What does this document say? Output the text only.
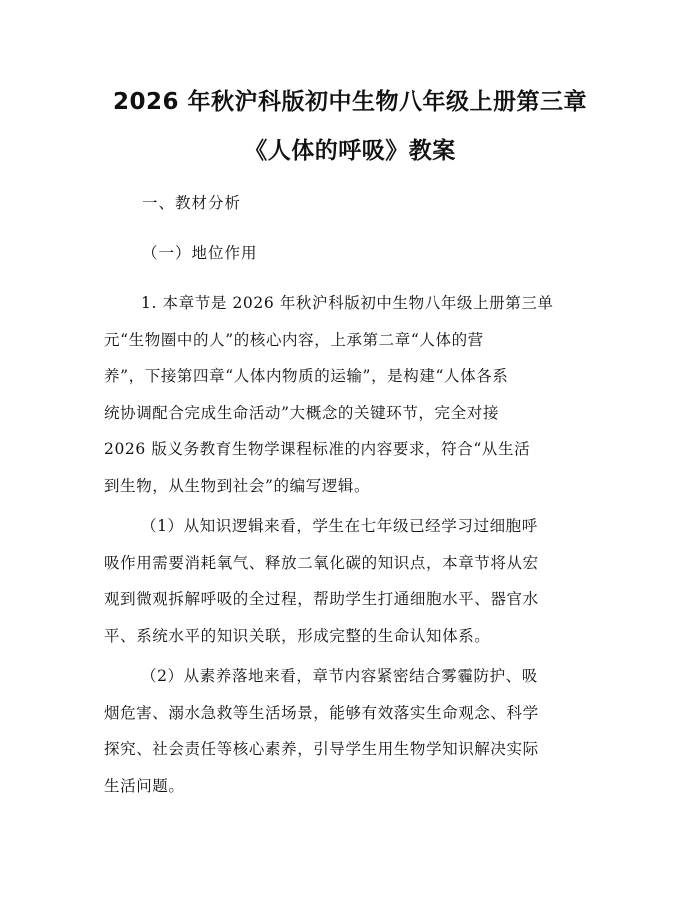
2026 年秋沪科版初中生物八年级上册第三章
《人体的呼吸》教案

一、教材分析

（一）地位作用

1. 本章节是 2026 年秋沪科版初中生物八年级上册第三单
元“生物圈中的人”的核心内容，上承第二章“人体的营
养”，下接第四章“人体内物质的运输”，是构建“人体各系
统协调配合完成生命活动”大概念的关键环节，完全对接
2026 版义务教育生物学课程标准的内容要求，符合“从生活
到生物，从生物到社会”的编写逻辑。
（1）从知识逻辑来看，学生在七年级已经学习过细胞呼
吸作用需要消耗氧气、释放二氧化碳的知识点，本章节将从宏
观到微观拆解呼吸的全过程，帮助学生打通细胞水平、器官水
平、系统水平的知识关联，形成完整的生命认知体系。
（2）从素养落地来看，章节内容紧密结合雾霾防护、吸
烟危害、溺水急救等生活场景，能够有效落实生命观念、科学
探究、社会责任等核心素养，引导学生用生物学知识解决实际
生活问题。
